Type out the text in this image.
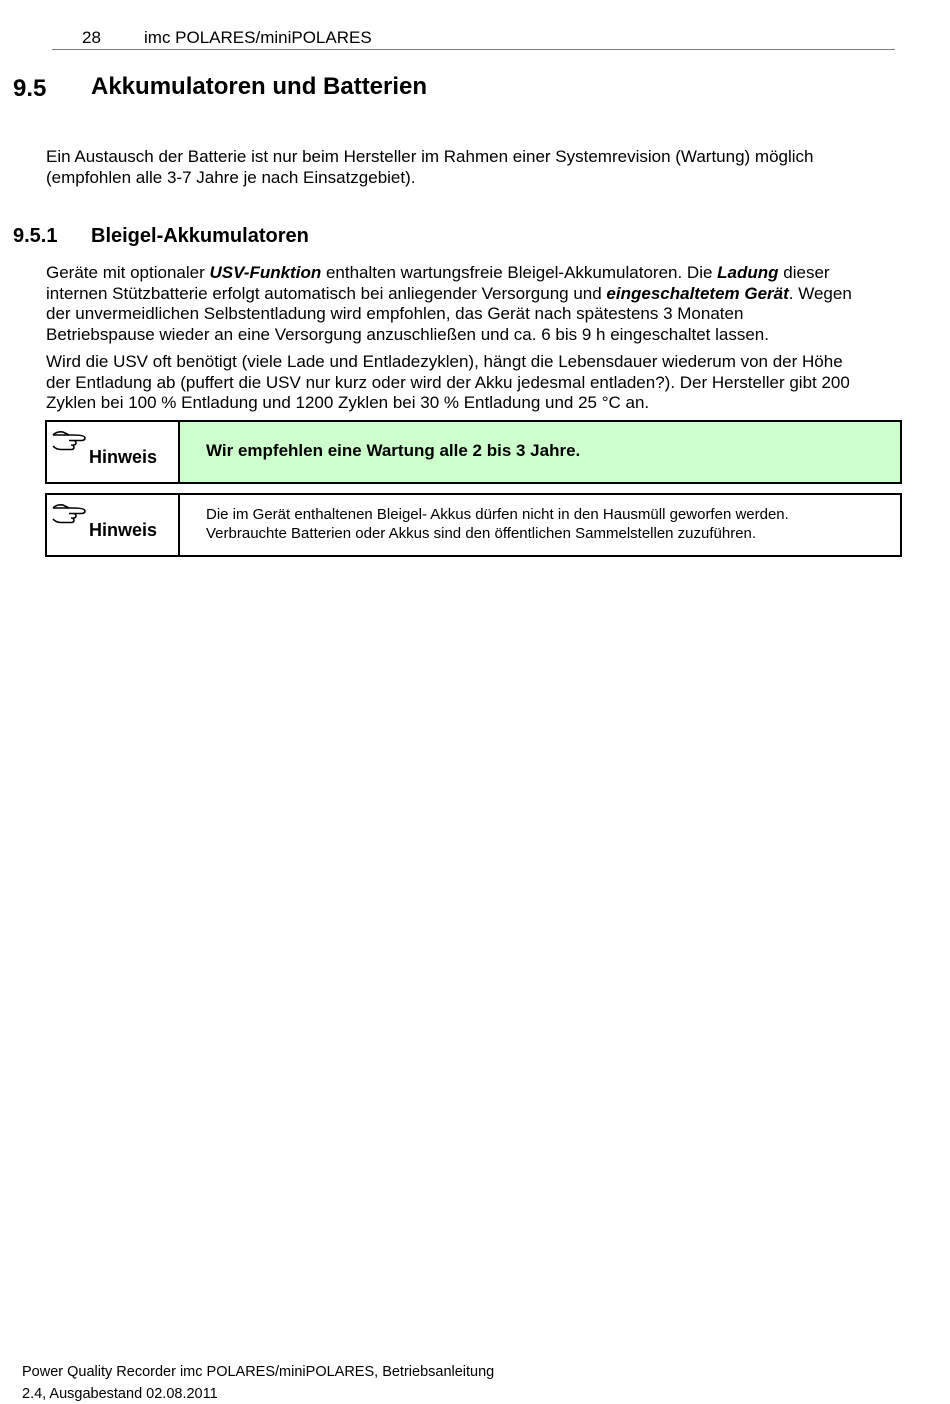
28	imc POLARES/miniPOLARES
9.5 Akkumulatoren und Batterien
Ein Austausch der Batterie ist nur beim Hersteller im Rahmen einer Systemrevision (Wartung) möglich
(empfohlen alle 3-7 Jahre je nach Einsatzgebiet).
9.5.1 Bleigel-Akkumulatoren
Geräte mit optionaler USV-Funktion enthalten wartungsfreie Bleigel-Akkumulatoren. Die Ladung dieser
internen Stützbatterie erfolgt automatisch bei anliegender Versorgung und eingeschaltetem Gerät. Wegen
der unvermeidlichen Selbstentladung wird empfohlen, das Gerät nach spätestens 3 Monaten
Betriebspause wieder an eine Versorgung anzuschließen und ca. 6 bis 9 h eingeschaltet lassen.
Wird die USV oft benötigt (viele Lade und Entladezyklen), hängt die Lebensdauer wiederum von der Höhe
der Entladung ab (puffert die USV nur kurz oder wird der Akku jedesmal entladen?). Der Hersteller gibt 200
Zyklen bei 100 % Entladung und 1200 Zyklen bei 30 % Entladung und 25 °C an.
Hinweis	Wir empfehlen eine Wartung alle 2 bis 3 Jahre.
Hinweis
Die im Gerät enthaltenen Bleigel- Akkus dürfen nicht in den Hausmüll geworfen werden.
Verbrauchte Batterien oder Akkus sind den öffentlichen Sammelstellen zuzuführen.
Power Quality Recorder imc POLARES/miniPOLARES, Betriebsanleitung
2.4, Ausgabestand 02.08.2011
